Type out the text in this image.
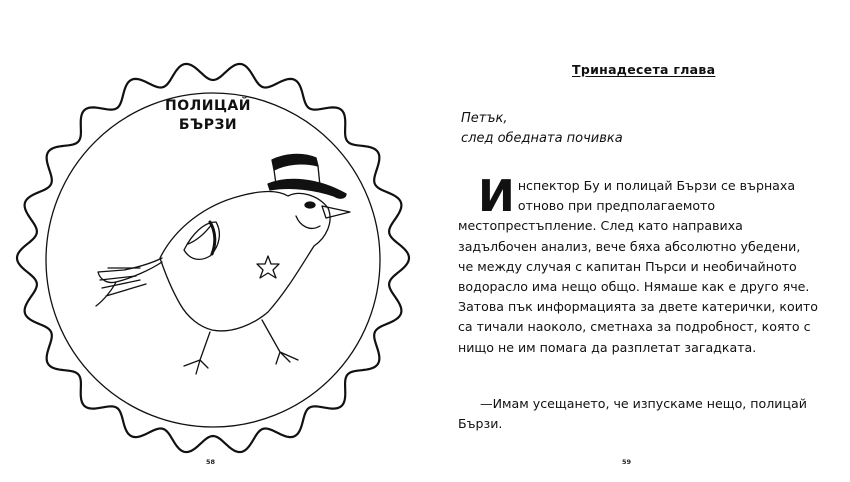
ПОЛИЦАЙ
БЪРЗИ
58
Тринадесета глава
Петък,
след обедната почивка
И нспектор Бу и полицай Бързи се върнаха отново при предполагаемото местопрестъпление. След като направиха задълбочен анализ, вече бяха абсолютно убедени, че между случая с капитан Пърси и необичайното водорасло има нещо общо. Нямаше как е друго яче. Затова пък информацията за двете катерички, които са тичали наоколо, сметнаха за подробност, която с нищо не им помага да разплетат загадката.
—Имам усещането, че изпускаме нещо, полицай Бързи.
59
